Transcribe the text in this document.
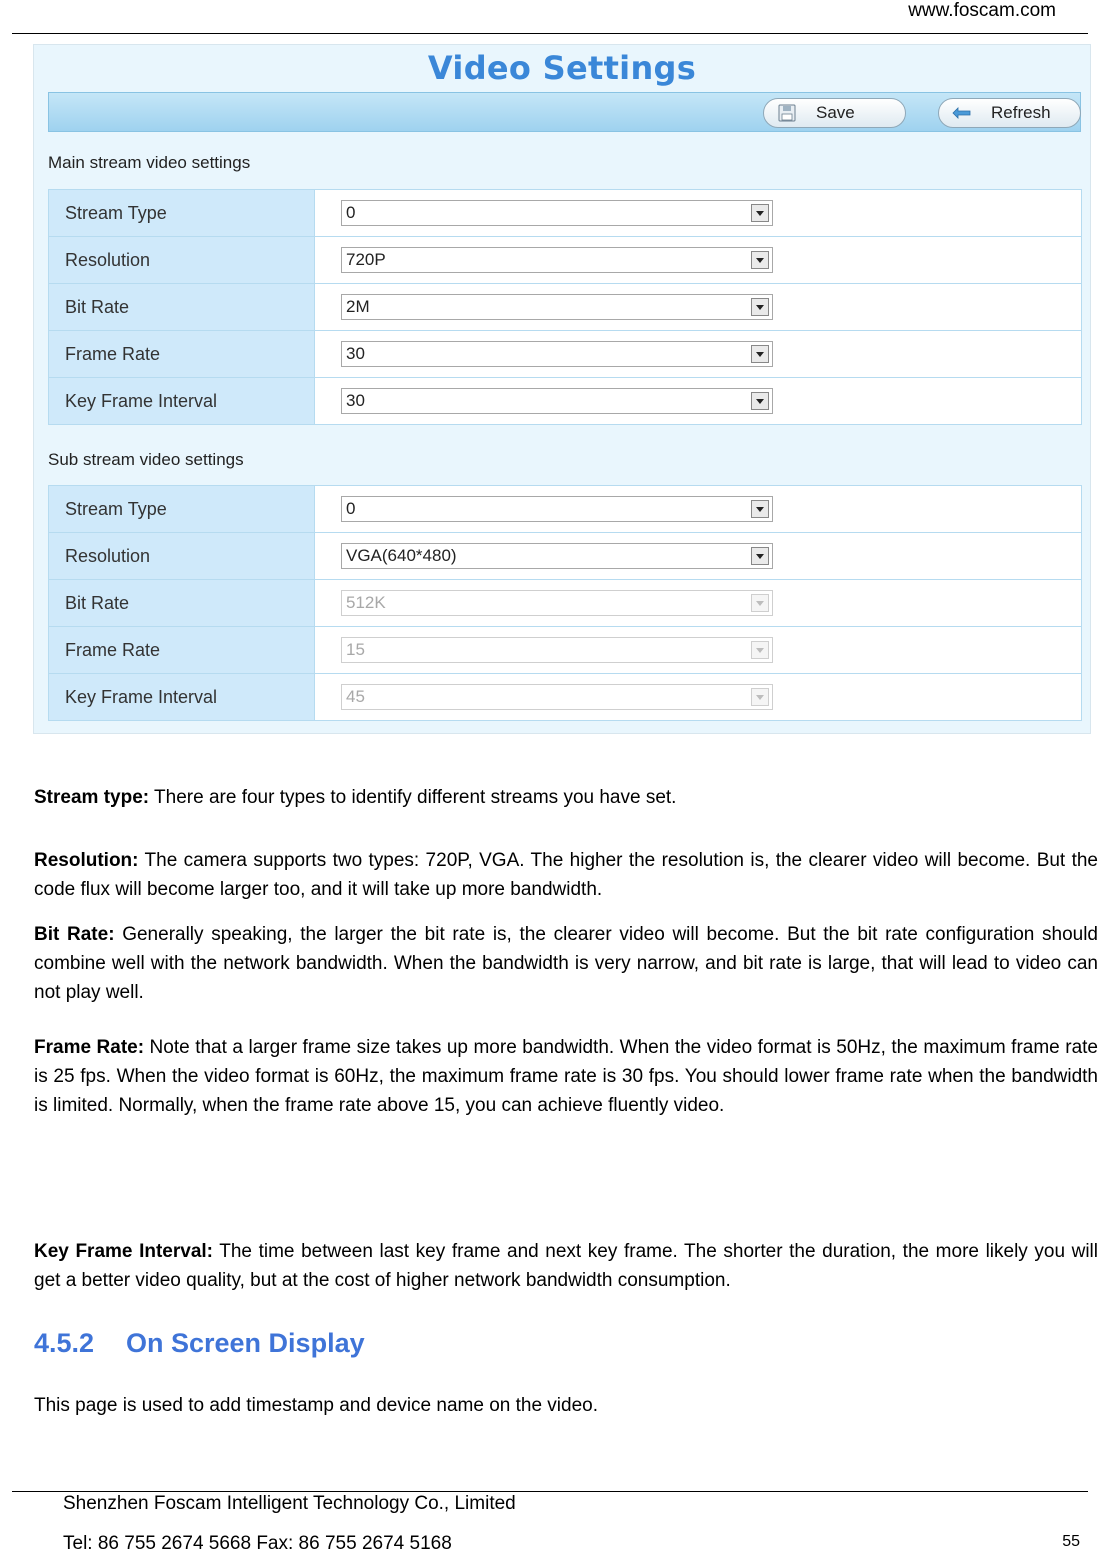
www.foscam.com
Video Settings
Save	Refresh
Main stream video settings
Stream Type	0

Resolution	720P

Bit Rate	2M

Frame Rate	30

Key Frame Interval	30
Sub stream video settings
Stream Type	0

Resolution	VGA(640*480)

Bit Rate	512K

Frame Rate	15

Key Frame Interval	45
Stream type: There are four types to identify different streams you have set.
Resolution: The camera supports two types: 720P, VGA. The higher the resolution is, the clearer video will become. But the code flux will become larger too, and it will take up more bandwidth.
Bit Rate: Generally speaking, the larger the bit rate is, the clearer video will become. But the bit rate configuration should combine well with the network bandwidth. When the bandwidth is very narrow, and bit rate is large, that will lead to video can not play well.
Frame Rate: Note that a larger frame size takes up more bandwidth. When the video format is 50Hz, the maximum frame rate is 25 fps. When the video format is 60Hz, the maximum frame rate is 30 fps. You should lower frame rate when the bandwidth is limited. Normally, when the frame rate above 15, you can achieve fluently video.
Key Frame Interval: The time between last key frame and next key frame. The shorter the duration, the more likely you will get a better video quality, but at the cost of higher network bandwidth consumption.
4.5.2 On Screen Display
This page is used to add timestamp and device name on the video.
Shenzhen Foscam Intelligent Technology Co., Limited
Tel: 86 755 2674 5668 Fax: 86 755 2674 5168	55
